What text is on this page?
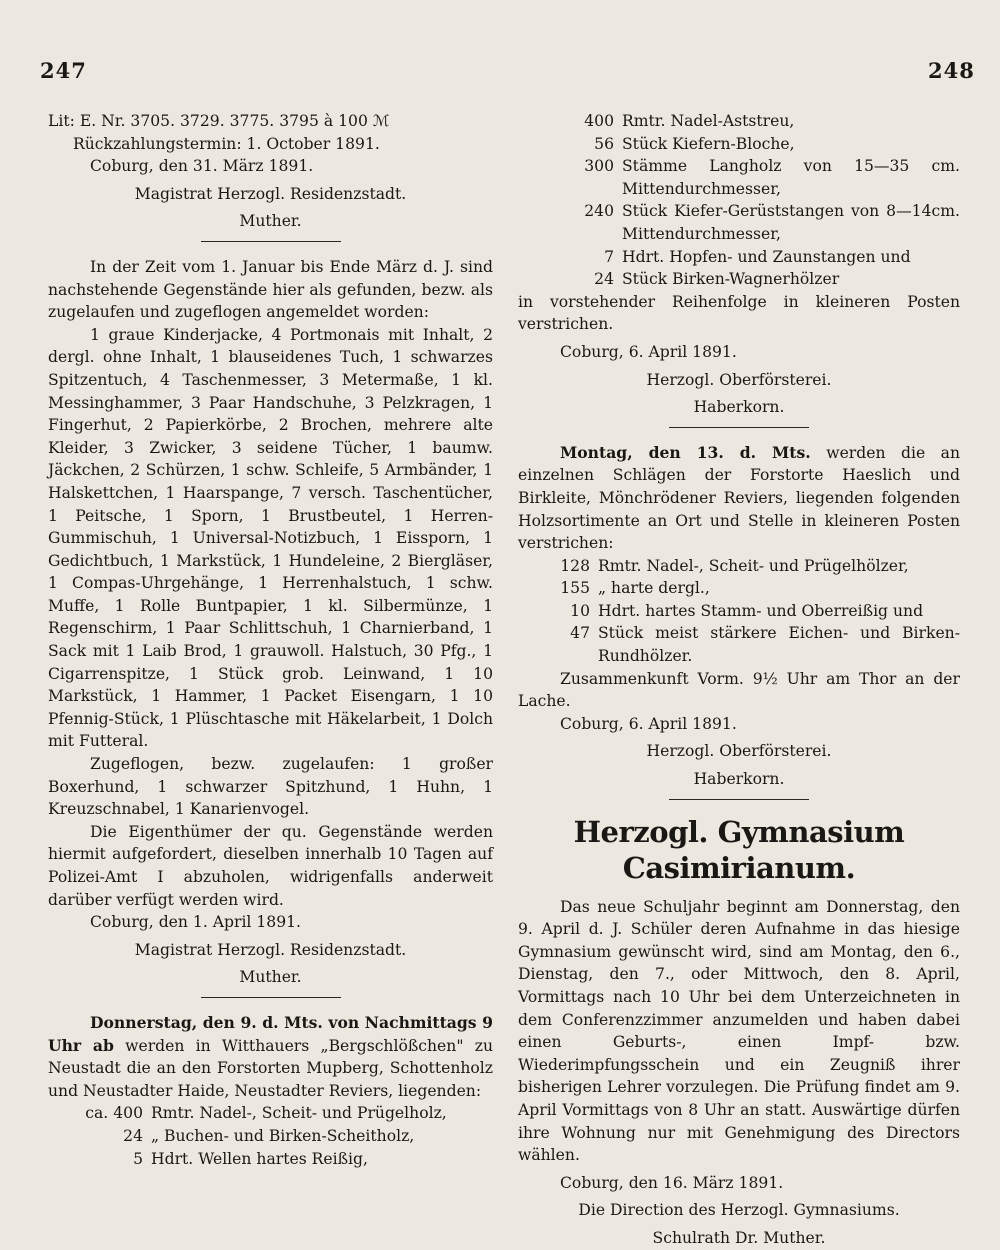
247	248

Lit: E. Nr. 3705. 3729. 3775. 3795 à 100 ℳ

Rückzahlungstermin: 1. October 1891.

Coburg, den 31. März 1891.

Magistrat Herzogl. Residenzstadt.

Muther.

In der Zeit vom 1. Januar bis Ende März d. J. sind nachstehende Gegenstände hier als gefunden, bezw. als zugelaufen und zugeflogen angemeldet worden:

1 graue Kinderjacke, 4 Portmonais mit Inhalt, 2 dergl. ohne Inhalt, 1 blauseidenes Tuch, 1 schwarzes Spitzentuch, 4 Taschenmesser, 3 Metermaße, 1 kl. Messinghammer, 3 Paar Handschuhe, 3 Pelzkragen, 1 Fingerhut, 2 Papierkörbe, 2 Brochen, mehrere alte Kleider, 3 Zwicker, 3 seidene Tücher, 1 baumw. Jäckchen, 2 Schürzen, 1 schw. Schleife, 5 Armbänder, 1 Halskettchen, 1 Haarspange, 7 versch. Taschentücher, 1 Peitsche, 1 Sporn, 1 Brustbeutel, 1 Herren-Gummischuh, 1 Universal-Notizbuch, 1 Eissporn, 1 Gedichtbuch, 1 Markstück, 1 Hundeleine, 2 Biergläser, 1 Compas-Uhrgehänge, 1 Herrenhalstuch, 1 schw. Muffe, 1 Rolle Buntpapier, 1 kl. Silbermünze, 1 Regenschirm, 1 Paar Schlittschuh, 1 Charnierband, 1 Sack mit 1 Laib Brod, 1 grauwoll. Halstuch, 30 Pfg., 1 Cigarrenspitze, 1 Stück grob. Leinwand, 1 10 Markstück, 1 Hammer, 1 Packet Eisengarn, 1 10 Pfennig-Stück, 1 Plüschtasche mit Häkelarbeit, 1 Dolch mit Futteral.

Zugeflogen, bezw. zugelaufen: 1 großer Boxerhund, 1 schwarzer Spitzhund, 1 Huhn, 1 Kreuzschnabel, 1 Kanarienvogel.

Die Eigenthümer der qu. Gegenstände werden hiermit aufgefordert, dieselben innerhalb 10 Tagen auf Polizei-Amt I abzuholen, widrigenfalls anderweit darüber verfügt werden wird.

Coburg, den 1. April 1891.

Magistrat Herzogl. Residenzstadt.

Muther.

Donnerstag, den 9. d. Mts. von Nachmittags 9 Uhr ab werden in Witthauers „Bergschlößchen" zu Neustadt die an den Forstorten Mupberg, Schottenholz und Neustadter Haide, Neustadter Reviers, liegenden:

ca. 400 Rmtr. Nadel-, Scheit- und Prügelholz,
24 „ Buchen- und Birken-Scheitholz,
5 Hdrt. Wellen hartes Reißig,
400 Rmtr. Nadel-Aststreu,
56 Stück Kiefern-Bloche,
300 Stämme Langholz von 15—35 cm. Mittendurchmesser,
240 Stück Kiefer-Gerüststangen von 8—14cm. Mittendurchmesser,
7 Hdrt. Hopfen- und Zaunstangen und
24 Stück Birken-Wagnerhölzer

in vorstehender Reihenfolge in kleineren Posten verstrichen.

Coburg, 6. April 1891.

Herzogl. Oberförsterei.

Haberkorn.

Montag, den 13. d. Mts. werden die an einzelnen Schlägen der Forstorte Haeslich und Birkleite, Mönchrödener Reviers, liegenden folgenden Holzsortimente an Ort und Stelle in kleineren Posten verstrichen:

128 Rmtr. Nadel-, Scheit- und Prügelhölzer,
155 „ harte dergl.,
10 Hdrt. hartes Stamm- und Oberreißig und
47 Stück meist stärkere Eichen- und Birken-Rundhölzer.

Zusammenkunft Vorm. 9½ Uhr am Thor an der Lache.

Coburg, 6. April 1891.

Herzogl. Oberförsterei.

Haberkorn.

Herzogl. Gymnasium Casimirianum.

Das neue Schuljahr beginnt am Donnerstag, den 9. April d. J. Schüler deren Aufnahme in das hiesige Gymnasium gewünscht wird, sind am Montag, den 6., Dienstag, den 7., oder Mittwoch, den 8. April, Vormittags nach 10 Uhr bei dem Unterzeichneten in dem Conferenzzimmer anzumelden und haben dabei einen Geburts-, einen Impf- bzw. Wiederimpfungsschein und ein Zeugniß ihrer bisherigen Lehrer vorzulegen. Die Prüfung findet am 9. April Vormittags von 8 Uhr an statt. Auswärtige dürfen ihre Wohnung nur mit Genehmigung des Directors wählen.

Coburg, den 16. März 1891.

Die Direction des Herzogl. Gymnasiums.

Schulrath Dr. Muther.
